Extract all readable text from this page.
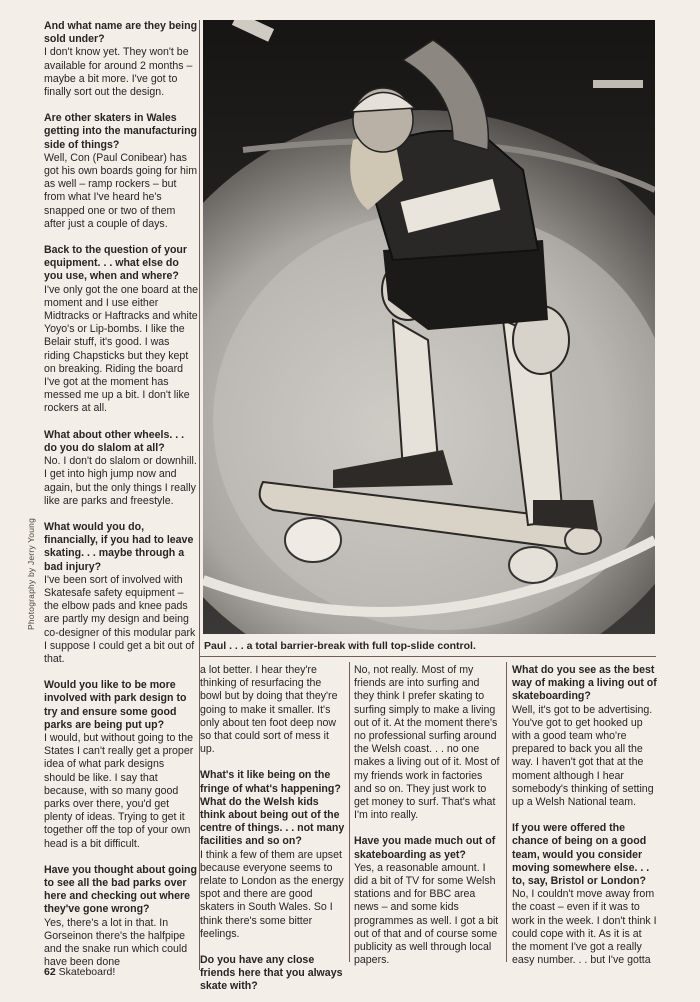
And what name are they being sold under?
I don't know yet. They won't be available for around 2 months – maybe a bit more. I've got to finally sort out the design.

Are other skaters in Wales getting into the manufacturing side of things?
Well, Con (Paul Conibear) has got his own boards going for him as well – ramp rockers – but from what I've heard he's snapped one or two of them after just a couple of days.

Back to the question of your equipment. . . what else do you use, when and where?
I've only got the one board at the moment and I use either Midtracks or Haftracks and white Yoyo's or Lip-bombs. I like the Belair stuff, it's good. I was riding Chapsticks but they kept on breaking. Riding the board I've got at the moment has messed me up a bit. I don't like rockers at all.

What about other wheels. . . do you do slalom at all?
No. I don't do slalom or downhill. I get into high jump now and again, but the only things I really like are parks and freestyle.

What would you do, financially, if you had to leave skating. . . maybe through a bad injury?
I've been sort of involved with Skatesafe safety equipment – the elbow pads and knee pads are partly my design and being co-designer of this modular park I suppose I could get a bit out of that.

Would you like to be more involved with park design to try and ensure some good parks are being put up?
I would, but without going to the States I can't really get a proper idea of what park designs should be like. I say that because, with so many good parks over there, you'd get plenty of ideas. Trying to get it together off the top of your own head is a bit difficult.

Have you thought about going to see all the bad parks over here and checking out where they've gone wrong?
Yes, there's a lot in that. In Gorseinon there's the halfpipe and the snake run which could have been done

Photography by Jerry Young
Paul . . . a total barrier-break with full top-slide control.

a lot better. I hear they're thinking of resurfacing the bowl but by doing that they're going to make it smaller. It's only about ten foot deep now so that could sort of mess it up.

What's it like being on the fringe of what's happening? What do the Welsh kids think about being out of the centre of things. . . not many facilities and so on?
I think a few of them are upset because everyone seems to relate to London as the energy spot and there are good skaters in South Wales. So I think there's some bitter feelings.

Do you have any close friends here that you always skate with?

No, not really. Most of my friends are into surfing and they think I prefer skating to surfing simply to make a living out of it. At the moment there's no professional surfing around the Welsh coast. . . no one makes a living out of it. Most of my friends work in factories and so on. They just work to get money to surf. That's what I'm into really.

Have you made much out of skateboarding as yet?
Yes, a reasonable amount. I did a bit of TV for some Welsh stations and for BBC area news – and some kids programmes as well. I got a bit out of that and of course some publicity as well through local papers.

What do you see as the best way of making a living out of skateboarding?
Well, it's got to be advertising. You've got to get hooked up with a good team who're prepared to back you all the way. I haven't got that at the moment although I hear somebody's thinking of setting up a Welsh National team.

If you were offered the chance of being on a good team, would you consider moving somewhere else. . . to, say, Bristol or London?
No, I couldn't move away from the coast – even if it was to work in the week. I don't think I could cope with it. As it is at the moment I've got a really easy number. . . but I've gotta

62 Skateboard!
